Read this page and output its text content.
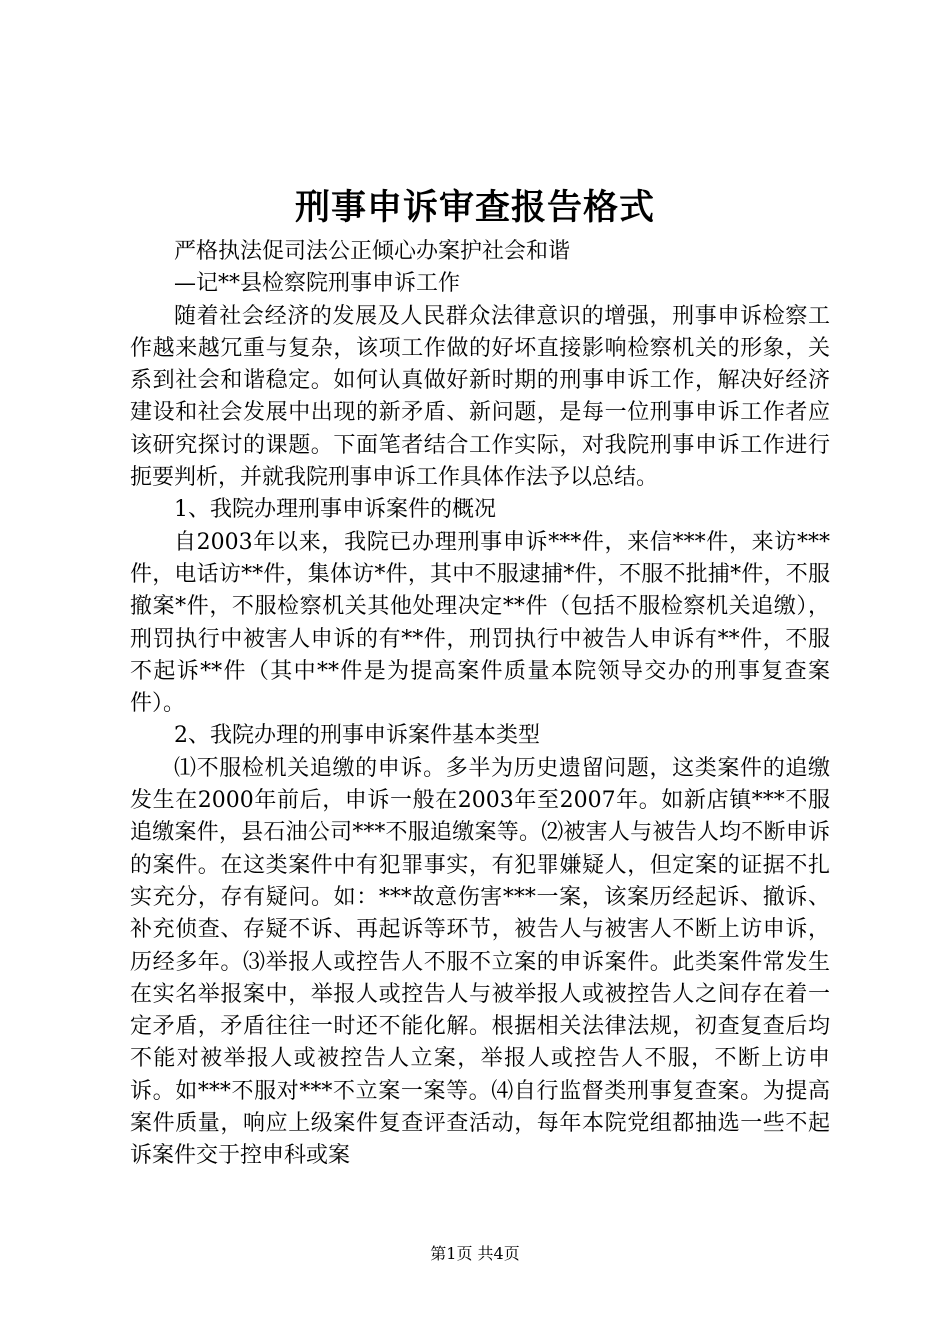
刑事申诉审查报告格式

严格执法促司法公正倾心办案护社会和谐

—记**县检察院刑事申诉工作

随着社会经济的发展及人民群众法律意识的增强，刑事申诉检察工作越来越冗重与复杂，该项工作做的好坏直接影响检察机关的形象，关系到社会和谐稳定。如何认真做好新时期的刑事申诉工作，解决好经济建设和社会发展中出现的新矛盾、新问题，是每一位刑事申诉工作者应该研究探讨的课题。下面笔者结合工作实际，对我院刑事申诉工作进行扼要判析，并就我院刑事申诉工作具体作法予以总结。

1、我院办理刑事申诉案件的概况

自2003年以来，我院已办理刑事申诉***件，来信***件，来访***件，电话访**件，集体访*件，其中不服逮捕*件，不服不批捕*件，不服撤案*件，不服检察机关其他处理决定**件（包括不服检察机关追缴），刑罚执行中被害人申诉的有**件，刑罚执行中被告人申诉有**件，不服不起诉**件（其中**件是为提高案件质量本院领导交办的刑事复查案件）。

2、我院办理的刑事申诉案件基本类型

⑴不服检机关追缴的申诉。多半为历史遗留问题，这类案件的追缴发生在2000年前后，申诉一般在2003年至2007年。如新店镇***不服追缴案件，县石油公司***不服追缴案等。⑵被害人与被告人均不断申诉的案件。在这类案件中有犯罪事实，有犯罪嫌疑人，但定案的证据不扎实充分，存有疑问。如：***故意伤害***一案，该案历经起诉、撤诉、补充侦查、存疑不诉、再起诉等环节，被告人与被害人不断上访申诉，历经多年。⑶举报人或控告人不服不立案的申诉案件。此类案件常发生在实名举报案中，举报人或控告人与被举报人或被控告人之间存在着一定矛盾，矛盾往往一时还不能化解。根据相关法律法规，初查复查后均不能对被举报人或被控告人立案，举报人或控告人不服，不断上访申诉。如***不服对***不立案一案等。⑷自行监督类刑事复查案。为提高案件质量，响应上级案件复查评查活动，每年本院党组都抽选一些不起诉案件交于控申科或案

第1页 共4页
